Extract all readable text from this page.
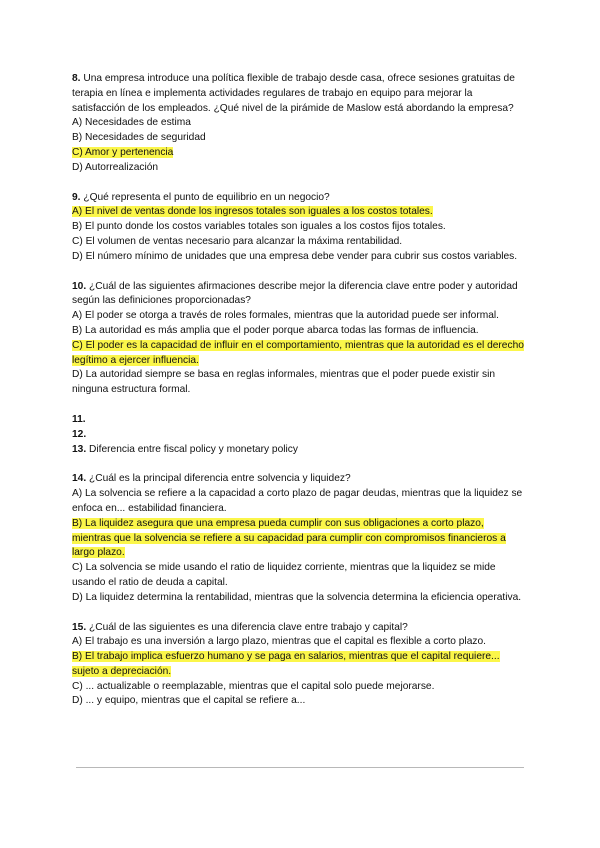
8. Una empresa introduce una política flexible de trabajo desde casa, ofrece sesiones gratuitas de terapia en línea e implementa actividades regulares de trabajo en equipo para mejorar la satisfacción de los empleados. ¿Qué nivel de la pirámide de Maslow está abordando la empresa?

A) Necesidades de estima

B) Necesidades de seguridad

C) Amor y pertenencia

D) Autorrealización

9. ¿Qué representa el punto de equilibrio en un negocio?

A) El nivel de ventas donde los ingresos totales son iguales a los costos totales.

B) El punto donde los costos variables totales son iguales a los costos fijos totales.

C) El volumen de ventas necesario para alcanzar la máxima rentabilidad.

D) El número mínimo de unidades que una empresa debe vender para cubrir sus costos variables.

10. ¿Cuál de las siguientes afirmaciones describe mejor la diferencia clave entre poder y autoridad según las definiciones proporcionadas?

A) El poder se otorga a través de roles formales, mientras que la autoridad puede ser informal.

B) La autoridad es más amplia que el poder porque abarca todas las formas de influencia.

C) El poder es la capacidad de influir en el comportamiento, mientras que la autoridad es el derecho legítimo a ejercer influencia.

D) La autoridad siempre se basa en reglas informales, mientras que el poder puede existir sin ninguna estructura formal.

11.

12.

13. Diferencia entre fiscal policy y monetary policy

14. ¿Cuál es la principal diferencia entre solvencia y liquidez?

A) La solvencia se refiere a la capacidad a corto plazo de pagar deudas, mientras que la liquidez se enfoca en... estabilidad financiera.

B) La liquidez asegura que una empresa pueda cumplir con sus obligaciones a corto plazo, mientras que la solvencia se refiere a su capacidad para cumplir con compromisos financieros a largo plazo.

C) La solvencia se mide usando el ratio de liquidez corriente, mientras que la liquidez se mide usando el ratio de deuda a capital.

D) La liquidez determina la rentabilidad, mientras que la solvencia determina la eficiencia operativa.

15. ¿Cuál de las siguientes es una diferencia clave entre trabajo y capital?

A) El trabajo es una inversión a largo plazo, mientras que el capital es flexible a corto plazo.

B) El trabajo implica esfuerzo humano y se paga en salarios, mientras que el capital requiere... sujeto a depreciación.

C) ... actualizable o reemplazable, mientras que el capital solo puede mejorarse.

D) ... y equipo, mientras que el capital se refiere a...
